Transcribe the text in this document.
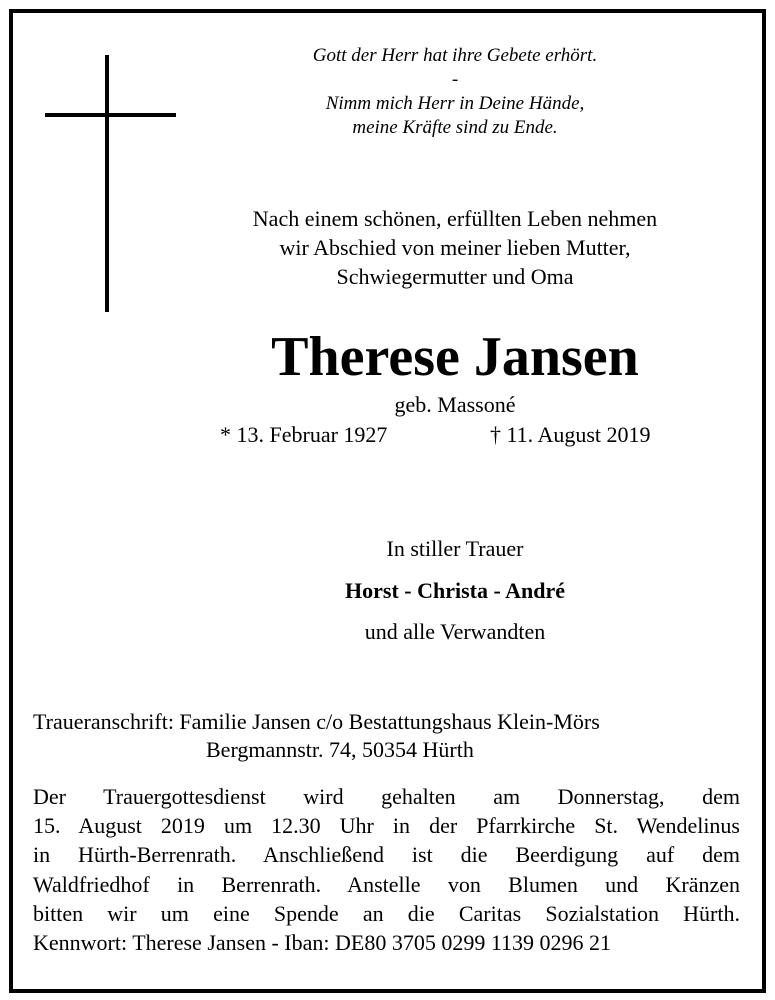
Gott der Herr hat ihre Gebete erhört.
-
Nimm mich Herr in Deine Hände,
meine Kräfte sind zu Ende.
Nach einem schönen, erfüllten Leben nehmen
wir Abschied von meiner lieben Mutter,
Schwiegermutter und Oma
Therese Jansen
geb. Massoné
* 13. Februar 1927	† 11. August 2019
In stiller Trauer
Horst - Christa - André
und alle Verwandten
Traueranschrift: Familie Jansen c/o Bestattungshaus Klein-Mörs
Bergmannstr. 74, 50354 Hürth
Der Trauergottesdienst wird gehalten am Donnerstag, dem
15. August 2019 um 12.30 Uhr in der Pfarrkirche St. Wendelinus
in Hürth-Berrenrath. Anschließend ist die Beerdigung auf dem
Waldfriedhof in Berrenrath. Anstelle von Blumen und Kränzen
bitten wir um eine Spende an die Caritas Sozialstation Hürth.
Kennwort: Therese Jansen - Iban: DE80 3705 0299 1139 0296 21
